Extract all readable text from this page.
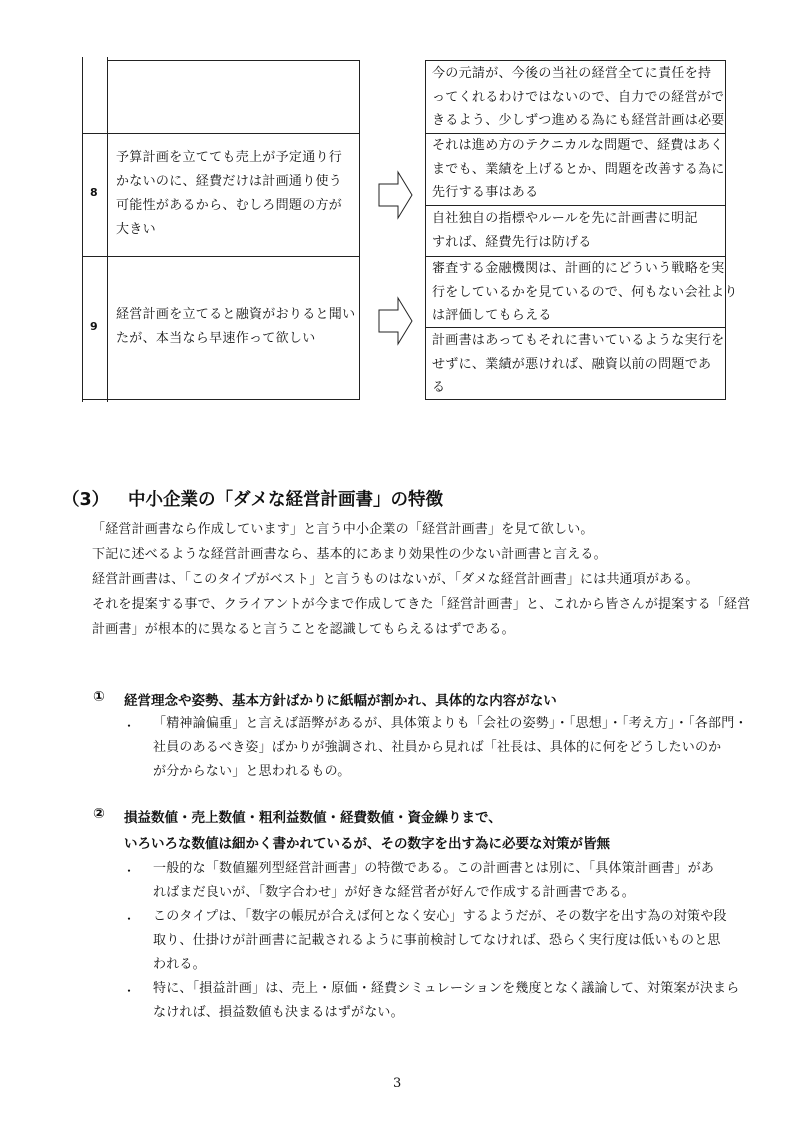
8
9
予算計画を立てても売上が予定通り行
かないのに、経費だけは計画通り使う
可能性があるから、むしろ問題の方が
大きい
経営計画を立てると融資がおりると聞い
たが、本当なら早速作って欲しい
今の元請が、今後の当社の経営全てに責任を持
ってくれるわけではないので、自力での経営がで
きるよう、少しずつ進める為にも経営計画は必要
それは進め方のテクニカルな問題で、経費はあく
までも、業績を上げるとか、問題を改善する為に
先行する事はある
自社独自の指標やルールを先に計画書に明記
すれば、経費先行は防げる
審査する金融機関は、計画的にどういう戦略を実
行をしているかを見ているので、何もない会社より
は評価してもらえる
計画書はあってもそれに書いているような実行を
せずに、業績が悪ければ、融資以前の問題であ
る
（3） 中小企業の「ダメな経営計画書」の特徴
「経営計画書なら作成しています」と言う中小企業の「経営計画書」を見て欲しい。
下記に述べるような経営計画書なら、基本的にあまり効果性の少ない計画書と言える。
経営計画書は、「このタイプがベスト」と言うものはないが、「ダメな経営計画書」には共通項がある。
それを提案する事で、クライアントが今まで作成してきた「経営計画書」と、これから皆さんが提案する「経営
計画書」が根本的に異なると言うことを認識してもらえるはずである。
① 経営理念や姿勢、基本方針ばかりに紙幅が割かれ、具体的な内容がない
・ 「精神論偏重」と言えば語弊があるが、具体策よりも「会社の姿勢」・「思想」・「考え方」・「各部門・
社員のあるべき姿」ばかりが強調され、社員から見れば「社長は、具体的に何をどうしたいのか
が分からない」と思われるもの。
② 損益数値・売上数値・粗利益数値・経費数値・資金繰りまで、
いろいろな数値は細かく書かれているが、その数字を出す為に必要な対策が皆無
・ 一般的な「数値羅列型経営計画書」の特徴である。この計画書とは別に、「具体策計画書」があ
ればまだ良いが、「数字合わせ」が好きな経営者が好んで作成する計画書である。
・ このタイプは、「数字の帳尻が合えば何となく安心」するようだが、その数字を出す為の対策や段
取り、仕掛けが計画書に記載されるように事前検討してなければ、恐らく実行度は低いものと思
われる。
・ 特に、「損益計画」は、売上・原価・経費シミュレーションを幾度となく議論して、対策案が決まら
なければ、損益数値も決まるはずがない。
3
